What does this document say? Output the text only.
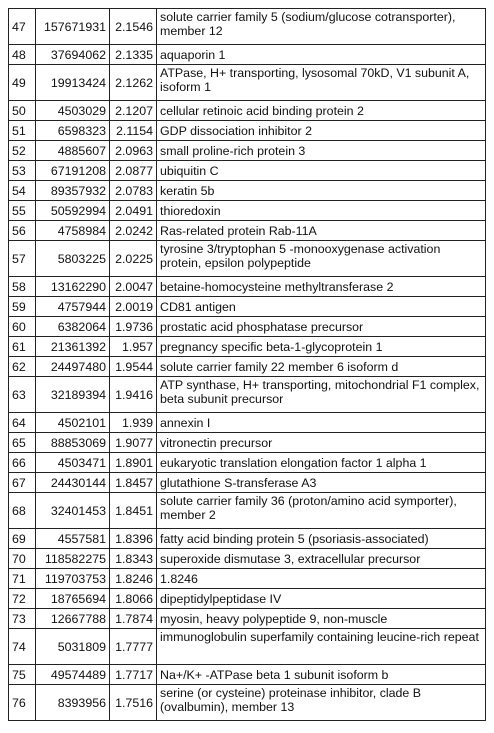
47	157671931	2.1546	solute carrier family 5 (sodium/glucose cotransporter), member 12
48	37694062	2.1335	aquaporin 1
49	19913424	2.1262	ATPase, H+ transporting, lysosomal 70kD, V1 subunit A, isoform 1
50	4503029	2.1207	cellular retinoic acid binding protein 2
51	6598323	2.1154	GDP dissociation inhibitor 2
52	4885607	2.0963	small proline-rich protein 3
53	67191208	2.0877	ubiquitin C
54	89357932	2.0783	keratin 5b
55	50592994	2.0491	thioredoxin
56	4758984	2.0242	Ras-related protein Rab-11A
57	5803225	2.0225	tyrosine 3/tryptophan 5 -monooxygenase activation protein, epsilon polypeptide
58	13162290	2.0047	betaine-homocysteine methyltransferase 2
59	4757944	2.0019	CD81 antigen
60	6382064	1.9736	prostatic acid phosphatase precursor
61	21361392	1.957	pregnancy specific beta-1-glycoprotein 1
62	24497480	1.9544	solute carrier family 22 member 6 isoform d
63	32189394	1.9416	ATP synthase, H+ transporting, mitochondrial F1 complex, beta subunit precursor
64	4502101	1.939	annexin I
65	88853069	1.9077	vitronectin precursor
66	4503471	1.8901	eukaryotic translation elongation factor 1 alpha 1
67	24430144	1.8457	glutathione S-transferase A3
68	32401453	1.8451	solute carrier family 36 (proton/amino acid symporter), member 2
69	4557581	1.8396	fatty acid binding protein 5 (psoriasis-associated)
70	118582275	1.8343	superoxide dismutase 3, extracellular precursor
71	119703753	1.8246	1.8246
72	18765694	1.8066	dipeptidylpeptidase IV
73	12667788	1.7874	myosin, heavy polypeptide 9, non-muscle
74	5031809	1.7777	immunoglobulin superfamily containing leucine-rich repeat
75	49574489	1.7717	Na+/K+ -ATPase beta 1 subunit isoform b
76	8393956	1.7516	serine (or cysteine) proteinase inhibitor, clade B (ovalbumin), member 13
